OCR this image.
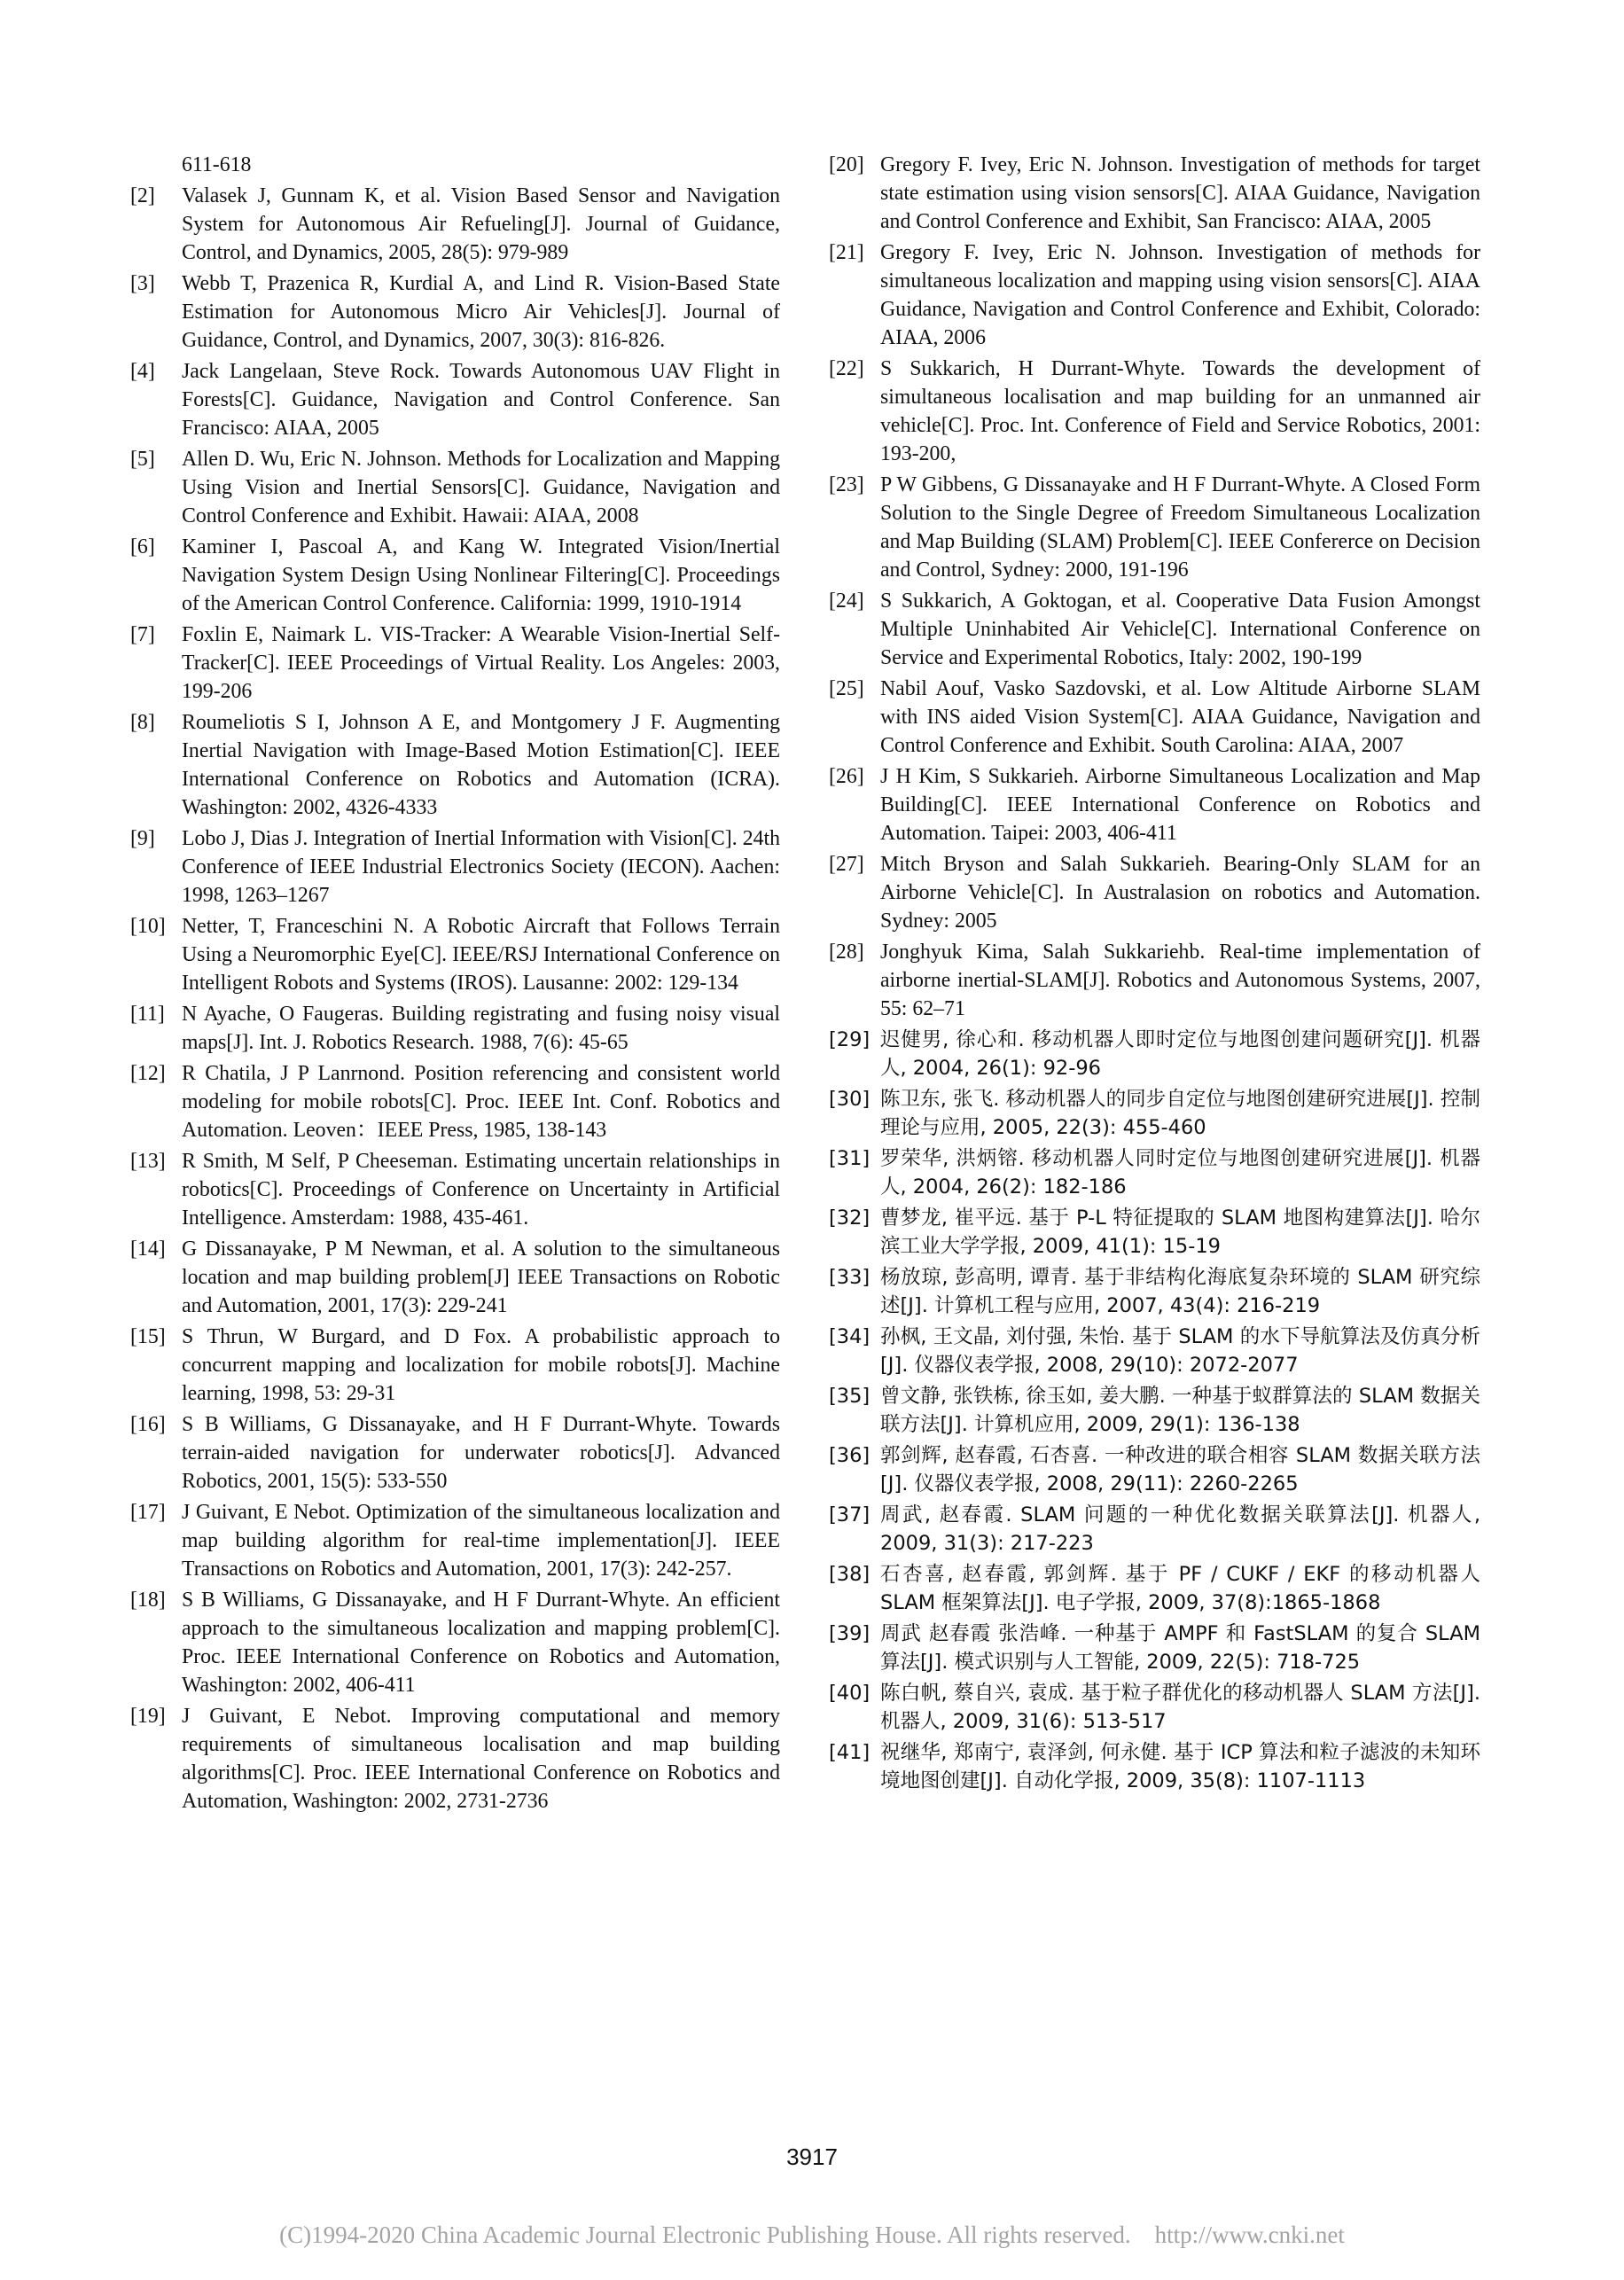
611-618
[2] Valasek J, Gunnam K, et al. Vision Based Sensor and Navigation System for Autonomous Air Refueling[J]. Journal of Guidance, Control, and Dynamics, 2005, 28(5): 979-989
[3] Webb T, Prazenica R, Kurdial A, and Lind R. Vision-Based State Estimation for Autonomous Micro Air Vehicles[J]. Journal of Guidance, Control, and Dynamics, 2007, 30(3): 816-826.
[4] Jack Langelaan, Steve Rock. Towards Autonomous UAV Flight in Forests[C]. Guidance, Navigation and Control Conference. San Francisco: AIAA, 2005
[5] Allen D. Wu, Eric N. Johnson. Methods for Localization and Mapping Using Vision and Inertial Sensors[C]. Guidance, Navigation and Control Conference and Exhibit. Hawaii: AIAA, 2008
[6] Kaminer I, Pascoal A, and Kang W. Integrated Vision/Inertial Navigation System Design Using Nonlinear Filtering[C]. Proceedings of the American Control Conference. California: 1999, 1910-1914
[7] Foxlin E, Naimark L. VIS-Tracker: A Wearable Vision-Inertial Self-Tracker[C]. IEEE Proceedings of Virtual Reality. Los Angeles: 2003, 199-206
[8] Roumeliotis S I, Johnson A E, and Montgomery J F. Augmenting Inertial Navigation with Image-Based Motion Estimation[C]. IEEE International Conference on Robotics and Automation (ICRA). Washington: 2002, 4326-4333
[9] Lobo J, Dias J. Integration of Inertial Information with Vision[C]. 24th Conference of IEEE Industrial Electronics Society (IECON). Aachen: 1998, 1263–1267
[10] Netter, T, Franceschini N. A Robotic Aircraft that Follows Terrain Using a Neuromorphic Eye[C]. IEEE/RSJ International Conference on Intelligent Robots and Systems (IROS). Lausanne: 2002: 129-134
[11] N Ayache, O Faugeras. Building registrating and fusing noisy visual maps[J]. Int. J. Robotics Research. 1988, 7(6): 45-65
[12] R Chatila, J P Lanrnond. Position referencing and consistent world modeling for mobile robots[C]. Proc. IEEE Int. Conf. Robotics and Automation. Leoven：IEEE Press, 1985, 138-143
[13] R Smith, M Self, P Cheeseman. Estimating uncertain relationships in robotics[C]. Proceedings of Conference on Uncertainty in Artificial Intelligence. Amsterdam: 1988, 435-461.
[14] G Dissanayake, P M Newman, et al. A solution to the simultaneous location and map building problem[J] IEEE Transactions on Robotic and Automation, 2001, 17(3): 229-241
[15] S Thrun, W Burgard, and D Fox. A probabilistic approach to concurrent mapping and localization for mobile robots[J]. Machine learning, 1998, 53: 29-31
[16] S B Williams, G Dissanayake, and H F Durrant-Whyte. Towards terrain-aided navigation for underwater robotics[J]. Advanced Robotics, 2001, 15(5): 533-550
[17] J Guivant, E Nebot. Optimization of the simultaneous localization and map building algorithm for real-time implementation[J]. IEEE Transactions on Robotics and Automation, 2001, 17(3): 242-257.
[18] S B Williams, G Dissanayake, and H F Durrant-Whyte. An efficient approach to the simultaneous localization and mapping problem[C]. Proc. IEEE International Conference on Robotics and Automation, Washington: 2002, 406-411
[19] J Guivant, E Nebot. Improving computational and memory requirements of simultaneous localisation and map building algorithms[C]. Proc. IEEE International Conference on Robotics and Automation, Washington: 2002, 2731-2736
[20] Gregory F. Ivey, Eric N. Johnson. Investigation of methods for target state estimation using vision sensors[C]. AIAA Guidance, Navigation and Control Conference and Exhibit, San Francisco: AIAA, 2005
[21] Gregory F. Ivey, Eric N. Johnson. Investigation of methods for simultaneous localization and mapping using vision sensors[C]. AIAA Guidance, Navigation and Control Conference and Exhibit, Colorado: AIAA, 2006
[22] S Sukkarich, H Durrant-Whyte. Towards the development of simultaneous localisation and map building for an unmanned air vehicle[C]. Proc. Int. Conference of Field and Service Robotics, 2001: 193-200,
[23] P W Gibbens, G Dissanayake and H F Durrant-Whyte. A Closed Form Solution to the Single Degree of Freedom Simultaneous Localization and Map Building (SLAM) Problem[C]. IEEE Confererce on Decision and Control, Sydney: 2000, 191-196
[24] S Sukkarich, A Goktogan, et al. Cooperative Data Fusion Amongst Multiple Uninhabited Air Vehicle[C]. International Conference on Service and Experimental Robotics, Italy: 2002, 190-199
[25] Nabil Aouf, Vasko Sazdovski, et al. Low Altitude Airborne SLAM with INS aided Vision System[C]. AIAA Guidance, Navigation and Control Conference and Exhibit. South Carolina: AIAA, 2007
[26] J H Kim, S Sukkarieh. Airborne Simultaneous Localization and Map Building[C]. IEEE International Conference on Robotics and Automation. Taipei: 2003, 406-411
[27] Mitch Bryson and Salah Sukkarieh. Bearing-Only SLAM for an Airborne Vehicle[C]. In Australasion on robotics and Automation. Sydney: 2005
[28] Jonghyuk Kima, Salah Sukkariehb. Real-time implementation of airborne inertial-SLAM[J]. Robotics and Autonomous Systems, 2007, 55: 62–71
[29] 迟健男, 徐心和. 移动机器人即时定位与地图创建问题研究[J]. 机器人, 2004, 26(1): 92-96
[30] 陈卫东, 张飞. 移动机器人的同步自定位与地图创建研究进展[J]. 控制理论与应用, 2005, 22(3): 455-460
[31] 罗荣华, 洪炳镕. 移动机器人同时定位与地图创建研究进展[J]. 机器人, 2004, 26(2): 182-186
[32] 曹梦龙, 崔平远. 基于 P-L 特征提取的 SLAM 地图构建算法[J]. 哈尔滨工业大学学报, 2009, 41(1): 15-19
[33] 杨放琼, 彭高明, 谭青. 基于非结构化海底复杂环境的 SLAM 研究综述[J]. 计算机工程与应用, 2007, 43(4): 216-219
[34] 孙枫, 王文晶, 刘付强, 朱怡. 基于 SLAM 的水下导航算法及仿真分析[J]. 仪器仪表学报, 2008, 29(10): 2072-2077
[35] 曾文静, 张铁栋, 徐玉如, 姜大鹏. 一种基于蚁群算法的 SLAM 数据关联方法[J]. 计算机应用, 2009, 29(1): 136-138
[36] 郭剑辉, 赵春霞, 石杏喜. 一种改进的联合相容 SLAM 数据关联方法[J]. 仪器仪表学报, 2008, 29(11): 2260-2265
[37] 周武, 赵春霞. SLAM 问题的一种优化数据关联算法[J]. 机器人, 2009, 31(3): 217-223
[38] 石杏喜, 赵春霞, 郭剑辉. 基于 PF / CUKF / EKF 的移动机器人 SLAM 框架算法[J]. 电子学报, 2009, 37(8):1865-1868
[39] 周武 赵春霞 张浩峰. 一种基于 AMPF 和 FastSLAM 的复合 SLAM 算法[J]. 模式识别与人工智能, 2009, 22(5): 718-725
[40] 陈白帆, 蔡自兴, 袁成. 基于粒子群优化的移动机器人 SLAM 方法[J]. 机器人, 2009, 31(6): 513-517
[41] 祝继华, 郑南宁, 袁泽剑, 何永健. 基于 ICP 算法和粒子滤波的未知环境地图创建[J]. 自动化学报, 2009, 35(8): 1107-1113
3917
(C)1994-2020 China Academic Journal Electronic Publishing House. All rights reserved.    http://www.cnki.net
